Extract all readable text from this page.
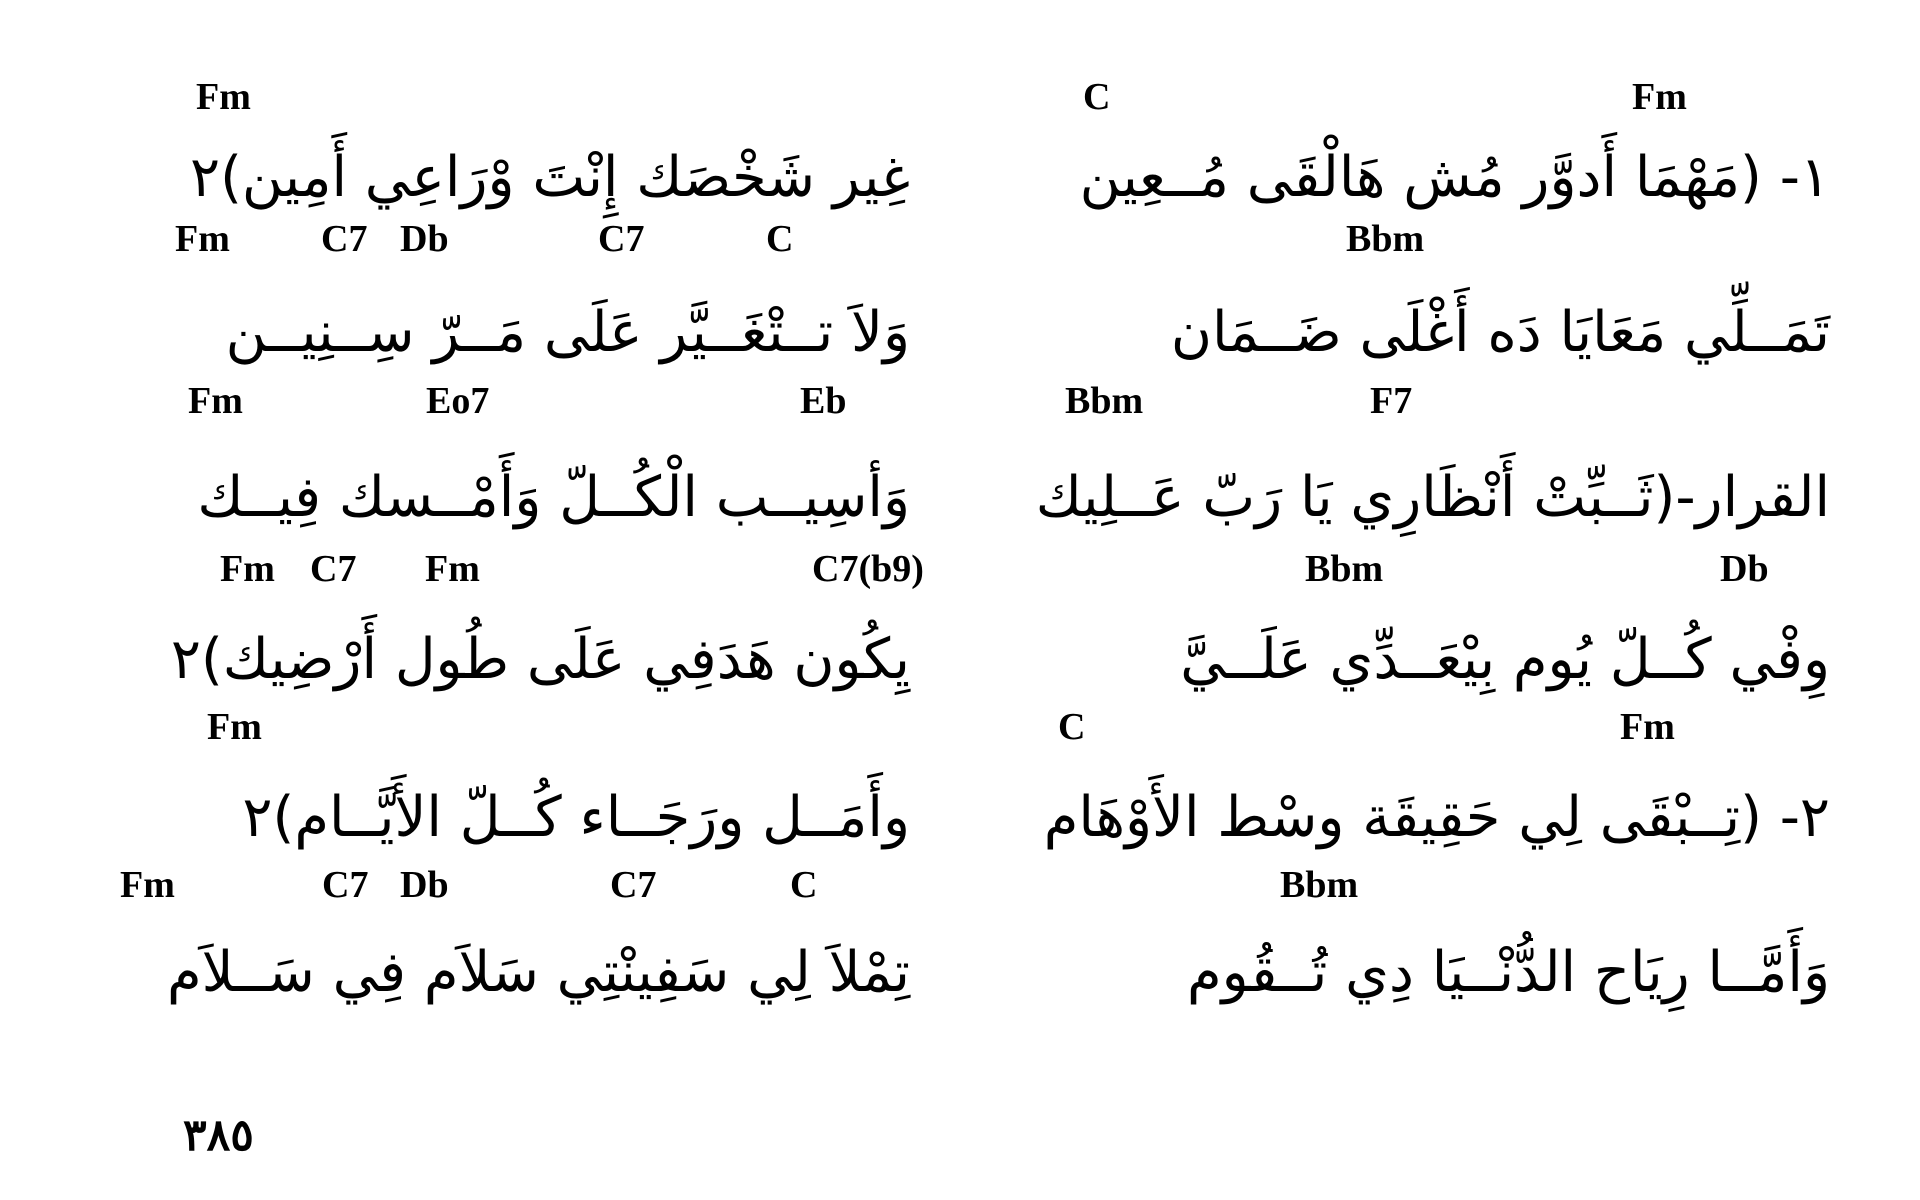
C	Fm
Fm
١- (مَهْمَا أَدوَّر مُش هَالْقَى مُــعِين
غِير شَخْصَك إِنْتَ وْرَاعِي أَمِين)٢
Bbm
Fm C7 Db	C7	C
تَمَــلِّي مَعَايَا دَه أَغْلَى ضَــمَان
وَلاَ تــتْغَــيَّر عَلَى مَــرّ سِــنِيــن
Bbm	F7
Fm	Eo7	Eb
القرار-(ثَــبِّتْ أَنْظَارِي يَا رَبّ عَــلِيك
وَأسِيــب الْكُــلّ وَأَمْــسك فِيــك
Bbm	Db
Fm C7 Fm	C7(b9)
وِفْي كُــلّ يُوم بِيْعَــدِّي عَلَــيَّ
يِكُون هَدَفِي عَلَى طُول أَرْضِيك)٢
C	Fm
Fm
٢- (تِــبْقَى لِي حَقِيقَة وسْط الأَوْهَام
وأَمَــل ورَجَــاء كُــلّ الأَيَّــام)٢
Bbm
Fm	C7 Db	C7	C
وَأَمَّــا رِيَاح الدُّنْــيَا دِي تُــقُوم
تِمْلاَ لِي سَفِينْتِي سَلاَم فِي سَــلاَم
٣٨٥
